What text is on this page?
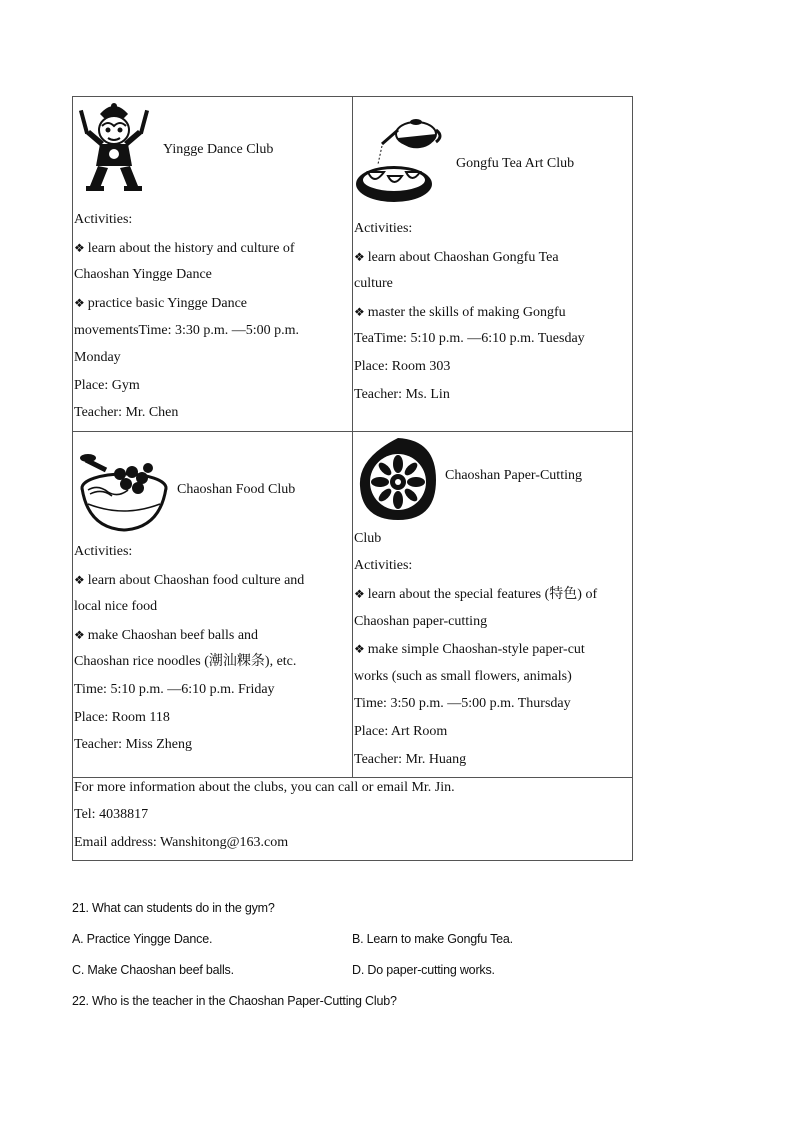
Yingge Dance Club
Activities:
❖ learn about the history and culture of
Chaoshan Yingge Dance
❖ practice basic Yingge Dance
movementsTime: 3:30 p.m. —5:00 p.m.
Monday
Place: Gym
Teacher: Mr. Chen
Gongfu Tea Art Club
Activities:
❖ learn about Chaoshan Gongfu Tea
culture
❖ master the skills of making Gongfu
TeaTime: 5:10 p.m. —6:10 p.m. Tuesday
Place: Room 303
Teacher: Ms. Lin
Chaoshan Food Club
Activities:
❖ learn about Chaoshan food culture and
local nice food
❖ make Chaoshan beef balls and
Chaoshan rice noodles (潮汕粿条), etc.
Time: 5:10 p.m. —6:10 p.m. Friday
Place: Room 118
Teacher: Miss Zheng
Chaoshan Paper-Cutting
Club
Activities:
❖ learn about the special features (特色) of
Chaoshan paper-cutting
❖ make simple Chaoshan-style paper-cut
works (such as small flowers, animals)
Time: 3:50 p.m. —5:00 p.m. Thursday
Place: Art Room
Teacher: Mr. Huang
For more information about the clubs, you can call or email Mr. Jin.
Tel: 4038817
Email address: Wanshitong@163.com
21. What can students do in the gym?
A. Practice Yingge Dance.	B. Learn to make Gongfu Tea.
C. Make Chaoshan beef balls.	D. Do paper-cutting works.
22. Who is the teacher in the Chaoshan Paper-Cutting Club?
